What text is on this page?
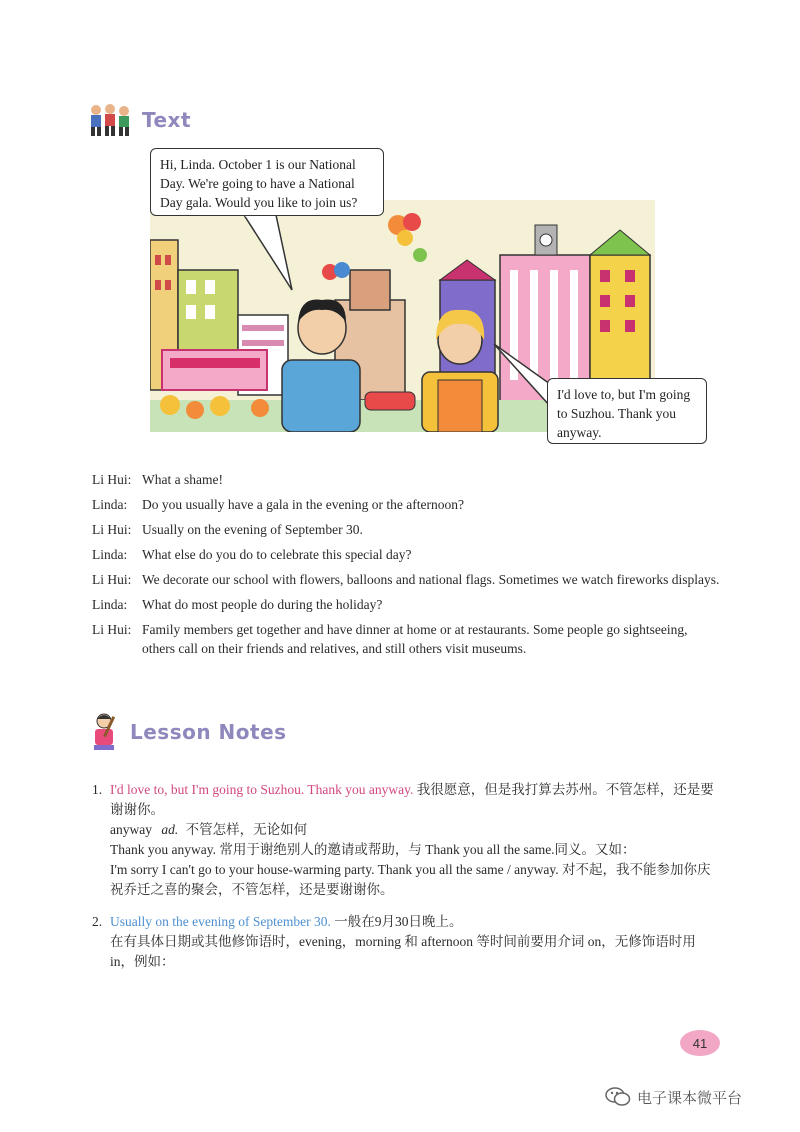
Text
Hi, Linda. October 1 is our National Day. We're going to have a National Day gala. Would you like to join us?
I'd love to, but I'm going to Suzhou. Thank you anyway.
Li Hui: What a shame!
Linda:	Do you usually have a gala in the evening or the afternoon?
Li Hui: Usually on the evening of September 30.
Linda:	What else do you do to celebrate this special day?
Li Hui: We decorate our school with flowers, balloons and national flags. Sometimes we watch fireworks displays.
Linda:	What do most people do during the holiday?
Li Hui: Family members get together and have dinner at home or at restaurants. Some people go sightseeing, others call on their friends and relatives, and still others visit museums.
Lesson Notes
1. I'd love to, but I'm going to Suzhou. Thank you anyway. 我很愿意，但是我打算去苏州。不管怎样，还是要谢谢你。
anyway ad. 不管怎样，无论如何
Thank you anyway. 常用于谢绝别人的邀请或帮助，与 Thank you all the same.同义。又如：
I'm sorry I can't go to your house-warming party. Thank you all the same / anyway. 对不起，我不能参加你庆祝乔迁之喜的聚会，不管怎样，还是要谢谢你。
2. Usually on the evening of September 30. 一般在9月30日晚上。
在有具体日期或其他修饰语时，evening，morning 和 afternoon 等时间前要用介词 on，无修饰语时用 in，例如：
41
电子课本微平台
